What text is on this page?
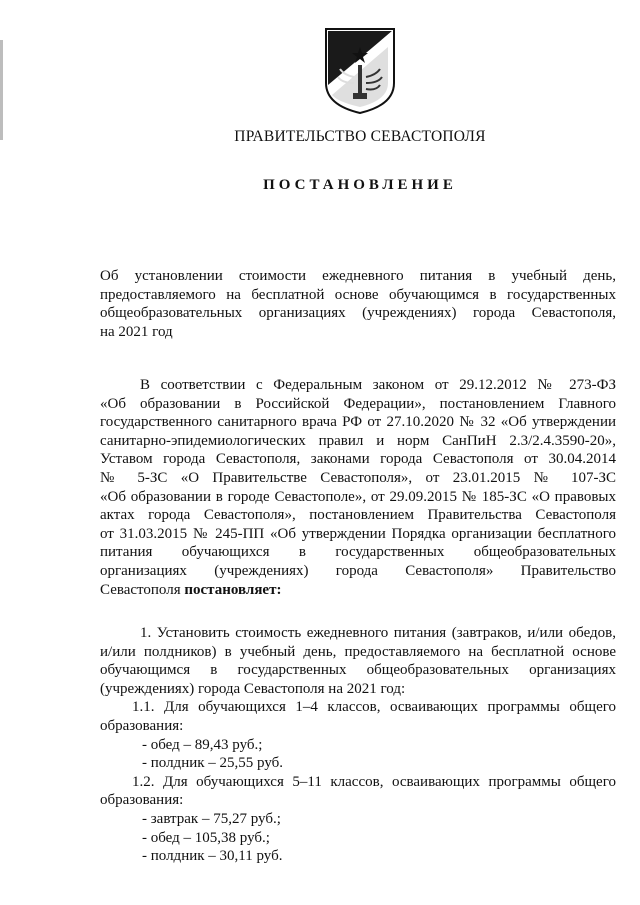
ПРАВИТЕЛЬСТВО СЕВАСТОПОЛЯ
ПОСТАНОВЛЕНИЕ
Об установлении стоимости ежедневного питания в учебный день,
предоставляемого на бесплатной основе обучающимся в государственных
общеобразовательных организациях (учреждениях) города Севастополя,
на 2021 год
В соответствии с Федеральным законом от 29.12.2012 № 273-ФЗ
«Об образовании в Российской Федерации», постановлением Главного
государственного санитарного врача РФ от 27.10.2020 № 32 «Об утверждении
санитарно-эпидемиологических правил и норм СанПиН 2.3/2.4.3590-20»,
Уставом города Севастополя, законами города Севастополя от 30.04.2014
№ 5-ЗС «О Правительстве Севастополя», от 23.01.2015 № 107-ЗС
«Об образовании в городе Севастополе», от 29.09.2015 № 185-ЗС «О правовых
актах города Севастополя», постановлением Правительства Севастополя
от 31.03.2015 № 245-ПП «Об утверждении Порядка организации бесплатного
питания обучающихся в государственных общеобразовательных
организациях (учреждениях) города Севастополя» Правительство
Севастополя постановляет:
1. Установить стоимость ежедневного питания (завтраков, и/или обедов,
и/или полдников) в учебный день, предоставляемого на бесплатной основе
обучающимся в государственных общеобразовательных организациях
(учреждениях) города Севастополя на 2021 год:
1.1. Для обучающихся 1–4 классов, осваивающих программы общего
образования:
- обед – 89,43 руб.;
- полдник – 25,55 руб.
1.2. Для обучающихся 5–11 классов, осваивающих программы общего
образования:
- завтрак – 75,27 руб.;
- обед – 105,38 руб.;
- полдник – 30,11 руб.
